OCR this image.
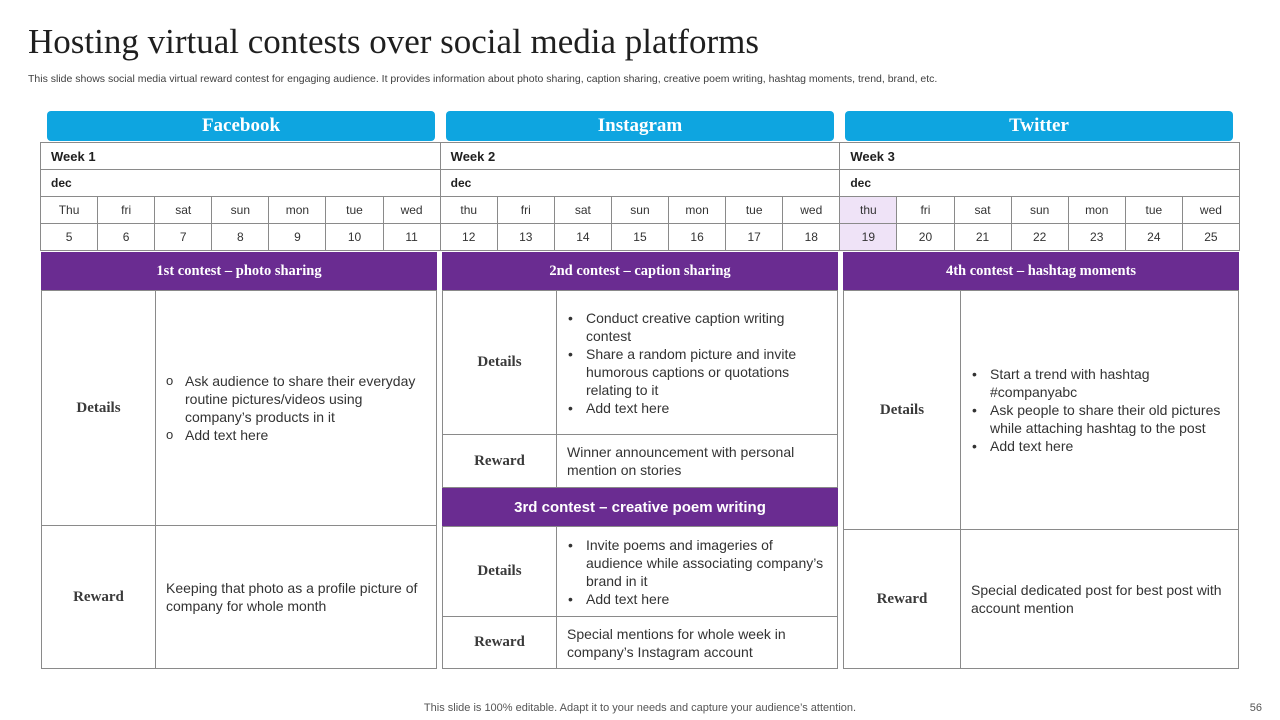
Hosting virtual contests over social media platforms
This slide shows social media virtual reward contest for engaging audience. It provides information about photo sharing, caption sharing, creative poem writing, hashtag moments, trend, brand, etc.
Facebook	Instagram	Twitter
Week 1							Week 2							Week 3						
dec							dec							dec						
Thu	fri	sat	sun	mon	tue	wed	thu	fri	sat	sun	mon	tue	wed	thu	fri	sat	sun	mon	tue	wed
5	6	7	8	9	10	11	12	13	14	15	16	17	18	19	20	21	22	23	24	25
1st contest – photo sharing
Details
o Ask audience to share their everyday routine pictures/videos using company’s products in it
o Add text here
Reward
Keeping that photo as a profile picture of company for whole month
2nd contest – caption sharing
Details
• Conduct creative caption writing contest
• Share a random picture and invite humorous captions or quotations relating to it
• Add text here
Reward
Winner announcement with personal mention on stories
3rd contest – creative poem writing
Details
• Invite poems and imageries of audience while associating company’s brand in it
• Add text here
Reward
Special mentions for whole week in company’s Instagram account
4th contest – hashtag moments
Details
• Start a trend with hashtag #companyabc
• Ask people to share their old pictures while attaching hashtag to the post
• Add text here
Reward
Special dedicated post for best post with account mention
This slide is 100% editable. Adapt it to your needs and capture your audience’s attention.	56
